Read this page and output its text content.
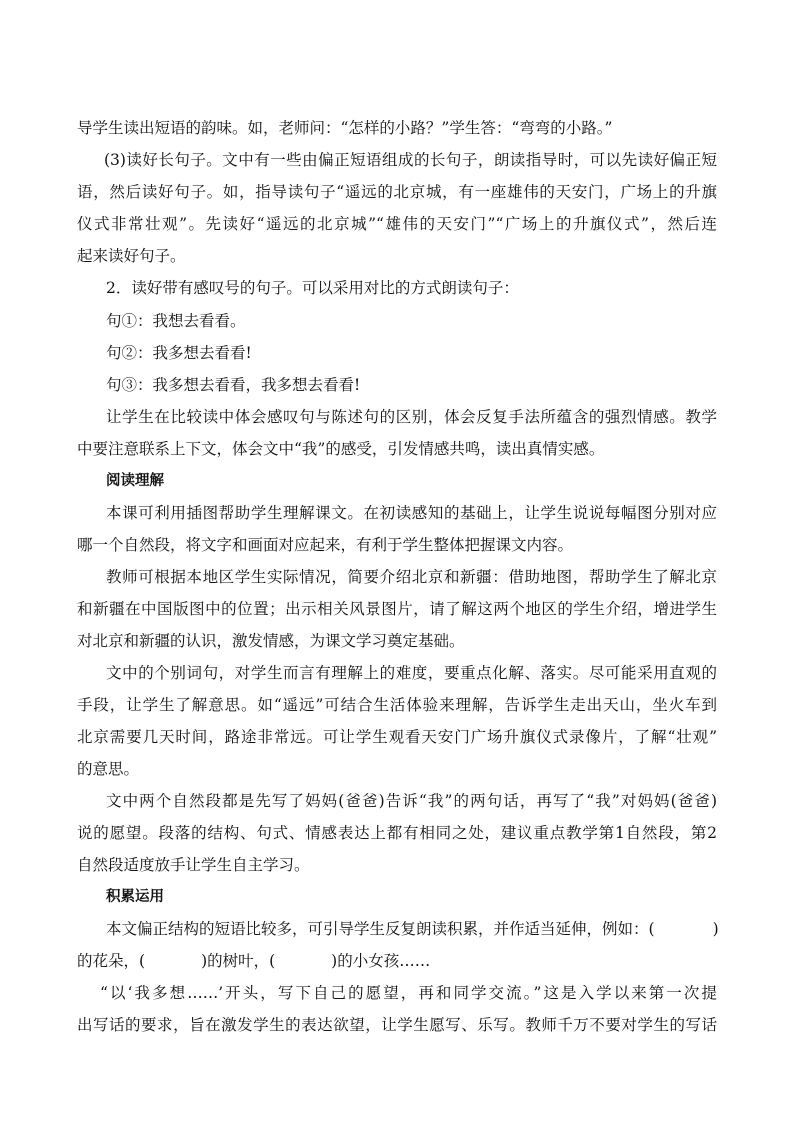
导学生读出短语的韵味。如，老师问：“怎样的小路？”学生答：“弯弯的小路。”
(3)读好长句子。文中有一些由偏正短语组成的长句子，朗读指导时，可以先读好偏正短
语，然后读好句子。如，指导读句子“遥远的北京城，有一座雄伟的天安门，广场上的升旗
仪式非常壮观”。先读好“遥远的北京城”“雄伟的天安门”“广场上的升旗仪式”，然后连
起来读好句子。
2．读好带有感叹号的句子。可以采用对比的方式朗读句子：
句①：我想去看看。
句②：我多想去看看!
句③：我多想去看看，我多想去看看!
让学生在比较读中体会感叹句与陈述句的区别，体会反复手法所蕴含的强烈情感。教学
中要注意联系上下文，体会文中“我”的感受，引发情感共鸣，读出真情实感。
阅读理解
本课可利用插图帮助学生理解课文。在初读感知的基础上，让学生说说每幅图分别对应
哪一个自然段，将文字和画面对应起来，有利于学生整体把握课文内容。
教师可根据本地区学生实际情况，简要介绍北京和新疆：借助地图，帮助学生了解北京
和新疆在中国版图中的位置；出示相关风景图片，请了解这两个地区的学生介绍，增进学生
对北京和新疆的认识，激发情感，为课文学习奠定基础。
文中的个别词句，对学生而言有理解上的难度，要重点化解、落实。尽可能采用直观的
手段，让学生了解意思。如“遥远”可结合生活体验来理解，告诉学生走出天山，坐火车到
北京需要几天时间，路途非常远。可让学生观看天安门广场升旗仪式录像片，了解“壮观”
的意思。
文中两个自然段都是先写了妈妈(爸爸)告诉“我”的两句话，再写了“我”对妈妈(爸爸)
说的愿望。段落的结构、句式、情感表达上都有相同之处，建议重点教学第1自然段，第2
自然段适度放手让学生自主学习。
积累运用
本文偏正结构的短语比较多，可引导学生反复朗读积累，并作适当延伸，例如：(	)
的花朵，(	)的树叶，(	)的小女孩……
“以‘我多想……’开头，写下自己的愿望，再和同学交流。”这是入学以来第一次提
出写话的要求，旨在激发学生的表达欲望，让学生愿写、乐写。教师千万不要对学生的写话
